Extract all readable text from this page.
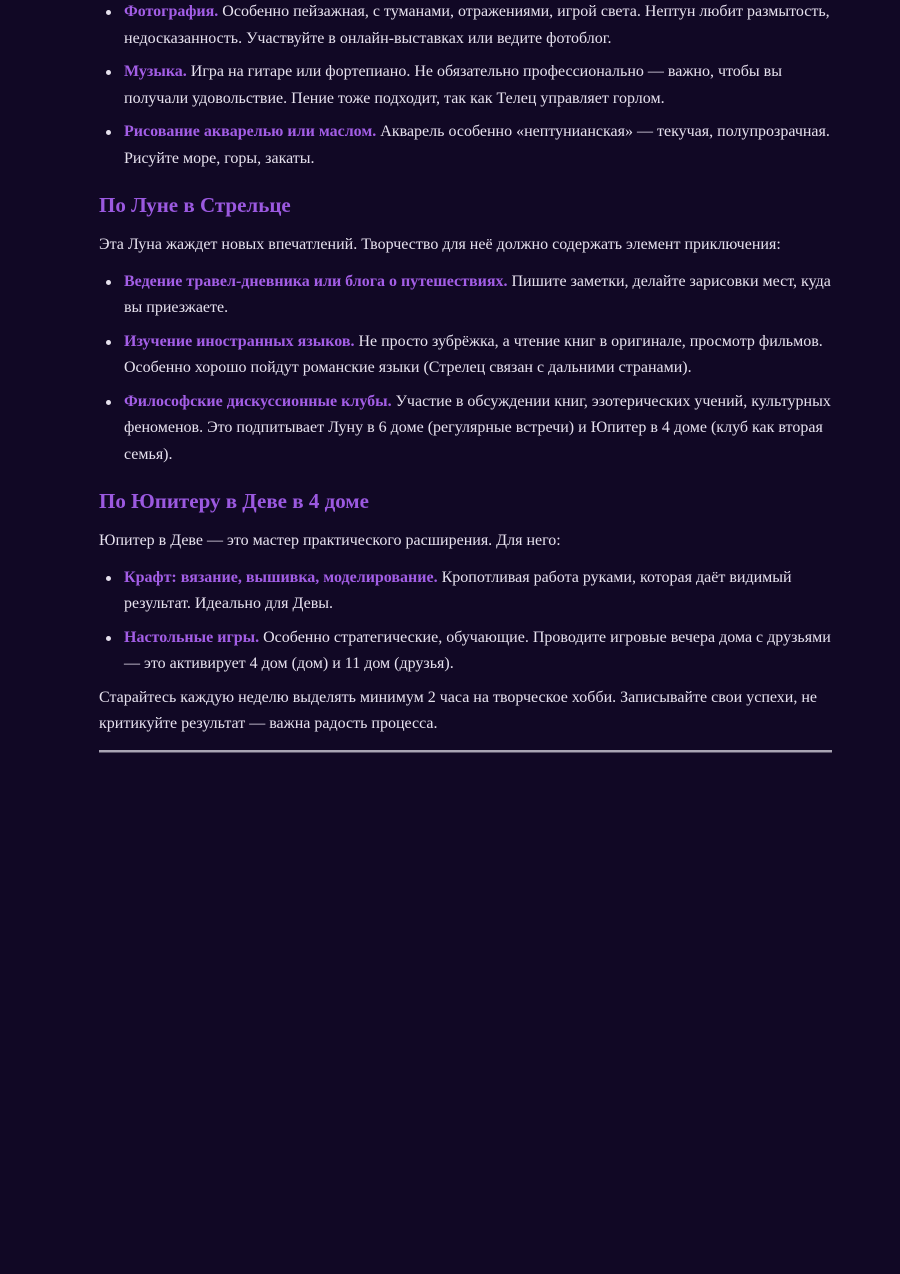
Фотография. Особенно пейзажная, с туманами, отражениями, игрой света. Нептун любит размытость, недосказанность. Участвуйте в онлайн-выставках или ведите фотоблог.
Музыка. Игра на гитаре или фортепиано. Не обязательно профессионально — важно, чтобы вы получали удовольствие. Пение тоже подходит, так как Телец управляет горлом.
Рисование акварелью или маслом. Акварель особенно «нептунианская» — текучая, полупрозрачная. Рисуйте море, горы, закаты.
По Луне в Стрельце

Эта Луна жаждет новых впечатлений. Творчество для неё должно содержать элемент приключения:

Ведение травел-дневника или блога о путешествиях. Пишите заметки, делайте зарисовки мест, куда вы приезжаете.
Изучение иностранных языков. Не просто зубрёжка, а чтение книг в оригинале, просмотр фильмов. Особенно хорошо пойдут романские языки (Стрелец связан с дальними странами).
Философские дискуссионные клубы. Участие в обсуждении книг, эзотерических учений, культурных феноменов. Это подпитывает Луну в 6 доме (регулярные встречи) и Юпитер в 4 доме (клуб как вторая семья).
По Юпитеру в Деве в 4 доме

Юпитер в Деве — это мастер практического расширения. Для него:

Крафт: вязание, вышивка, моделирование. Кропотливая работа руками, которая даёт видимый результат. Идеально для Девы.
Настольные игры. Особенно стратегические, обучающие. Проводите игровые вечера дома с друзьями — это активирует 4 дом (дом) и 11 дом (друзья).

Старайтесь каждую неделю выделять минимум 2 часа на творческое хобби. Записывайте свои успехи, не критикуйте результат — важна радость процесса.
